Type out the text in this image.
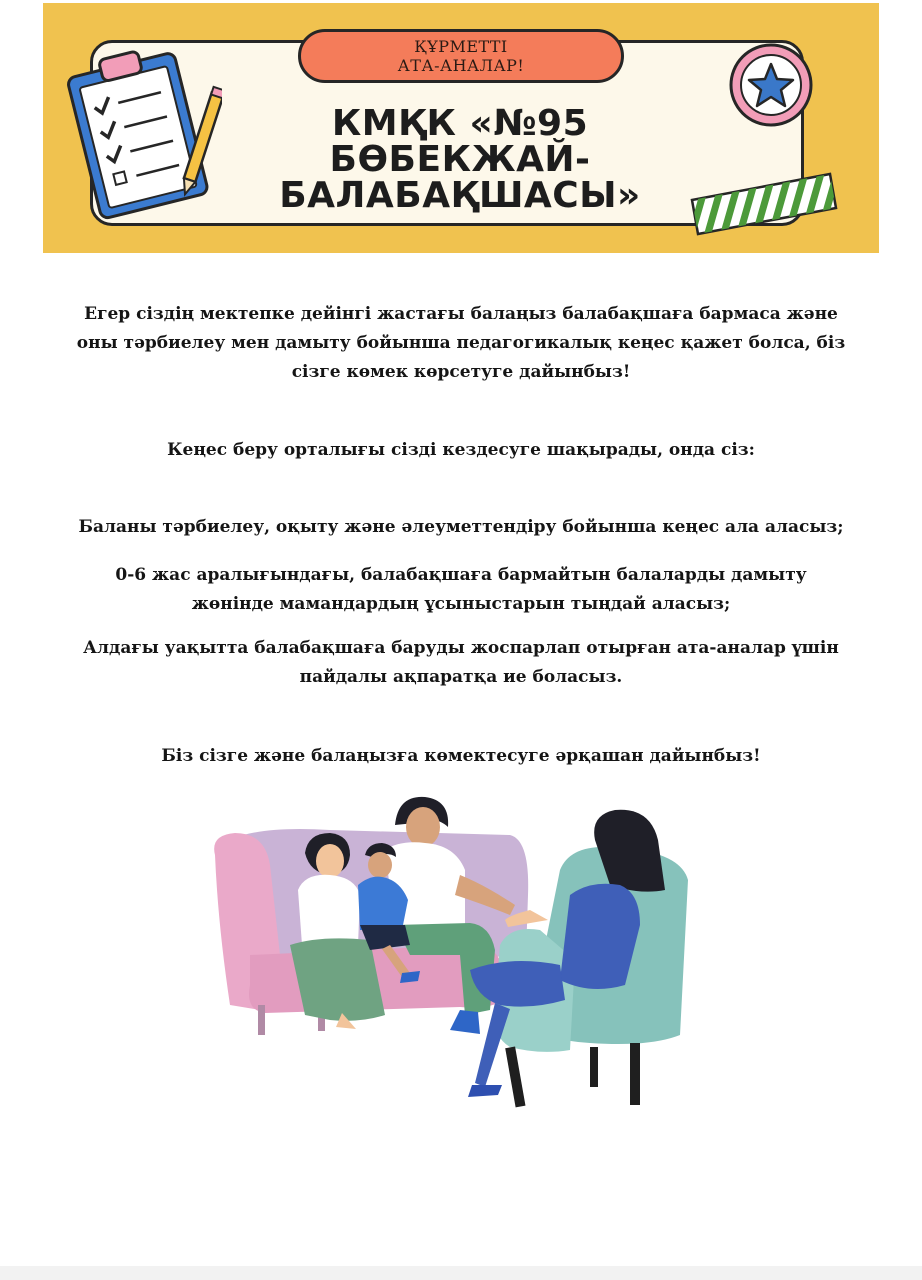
ҚҰРМЕТТІ
АТА-АНАЛАР!
КМҚК «№95
БӨБЕКЖАЙ-
БАЛАБАҚШАСЫ»
Егер сіздің мектепке дейінгі жастағы балаңыз балабақшаға бармаса және оны тәрбиелеу мен дамыту бойынша педагогикалық кеңес қажет болса, біз сізге көмек көрсетуге дайынбыз!
Кеңес беру орталығы сізді кездесуге шақырады, онда сіз:
Баланы тәрбиелеу, оқыту және әлеуметтендіру бойынша кеңес ала аласыз;
0-6 жас аралығындағы, балабақшаға бармайтын балаларды дамыту жөнінде мамандардың ұсыныстарын тыңдай аласыз;
Алдағы уақытта балабақшаға баруды жоспарлап отырған ата-аналар үшін пайдалы ақпаратқа ие боласыз.
Біз сізге және балаңызға көмектесуге әрқашан дайынбыз!
